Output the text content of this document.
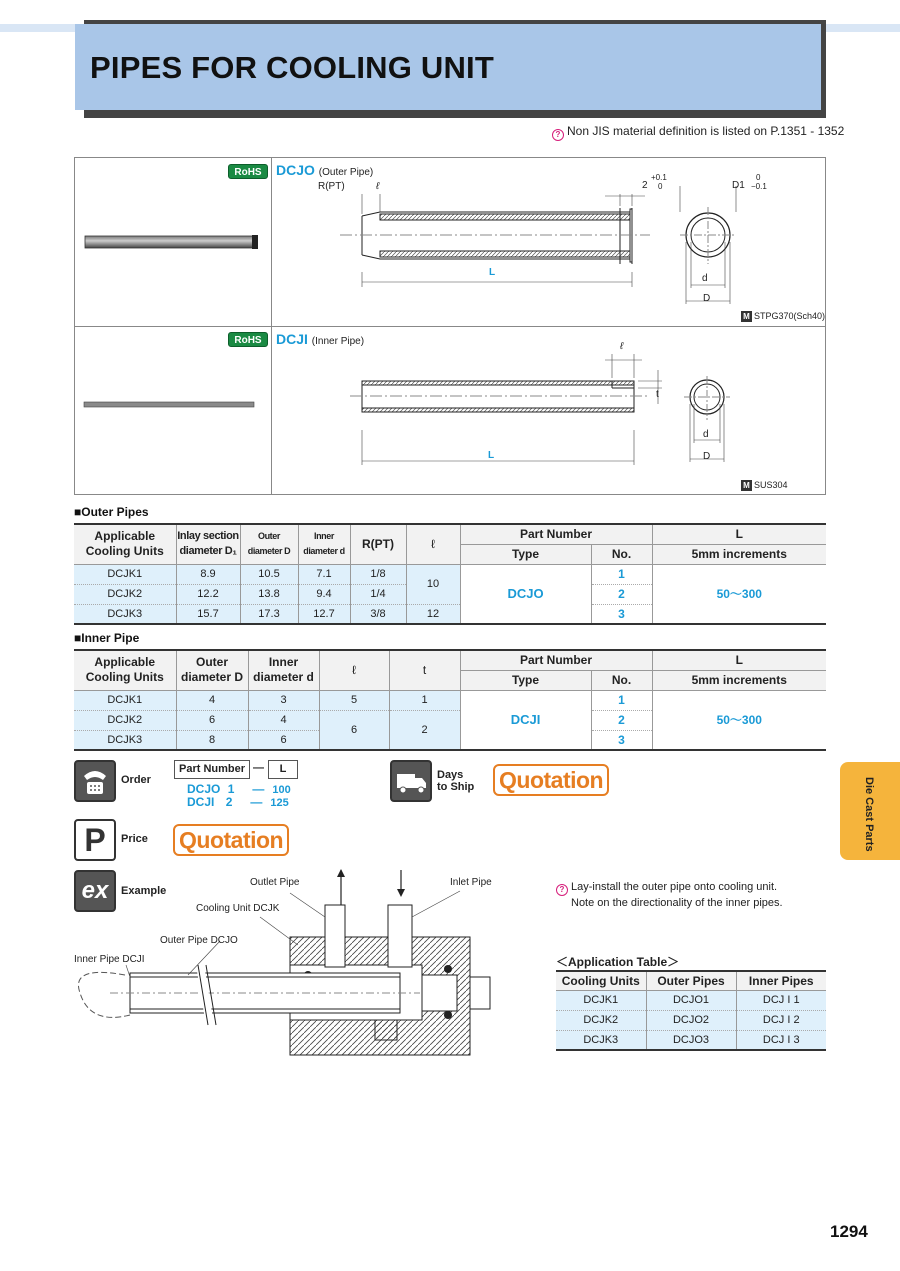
PIPES FOR COOLING UNIT
? Non JIS material definition is listed on P.1351 - 1352
RoHS	DCJO (Outer Pipe)
R(PT)	ℓ
L
2
+0.1
0	D1
0
−0.1
d
D
M STPG370(Sch40)
RoHS	DCJI (Inner Pipe)	ℓ
t
L
d
D
M SUS304
■Outer Pipes
Applicable Cooling Units	Inlay section diameter D₁	Outer diameter D	Inner diameter d	R(PT)	ℓ	Part Number		L
						Type	No.	5mm increments
DCJK1	8.9	10.5	7.1	1/8	10	DCJO	1	50～300
DCJK2	12.2	13.8	9.4	1/4			2	
DCJK3	15.7	17.3	12.7	3/8	12		3	
■Inner Pipe
Applicable Cooling Units	Outer diameter D	Inner diameter d	ℓ	t	Part Number		L
					Type	No.	5mm increments
DCJK1	4	3	5	1	DCJI	1	50～300
DCJK2	6	4	6	2		2	
DCJK3	8	6				3	
Order
Part Number —	L
DCJO 1 — 100
DCJI 2 — 125
Days
to Ship Quotation
P	Price Quotation
ex	Example
Outlet Pipe	Inlet Pipe
Cooling Unit DCJK
Outer Pipe DCJO
Inner Pipe DCJI
? Lay-install the outer pipe onto cooling unit.
Note on the directionality of the inner pipes.
＜Application Table＞
Cooling Units	Outer Pipes	Inner Pipes
DCJK1	DCJO1	DCJ I 1
DCJK2	DCJO2	DCJ I 2
DCJK3	DCJO3	DCJ I 3
Die Cast Parts
1294
